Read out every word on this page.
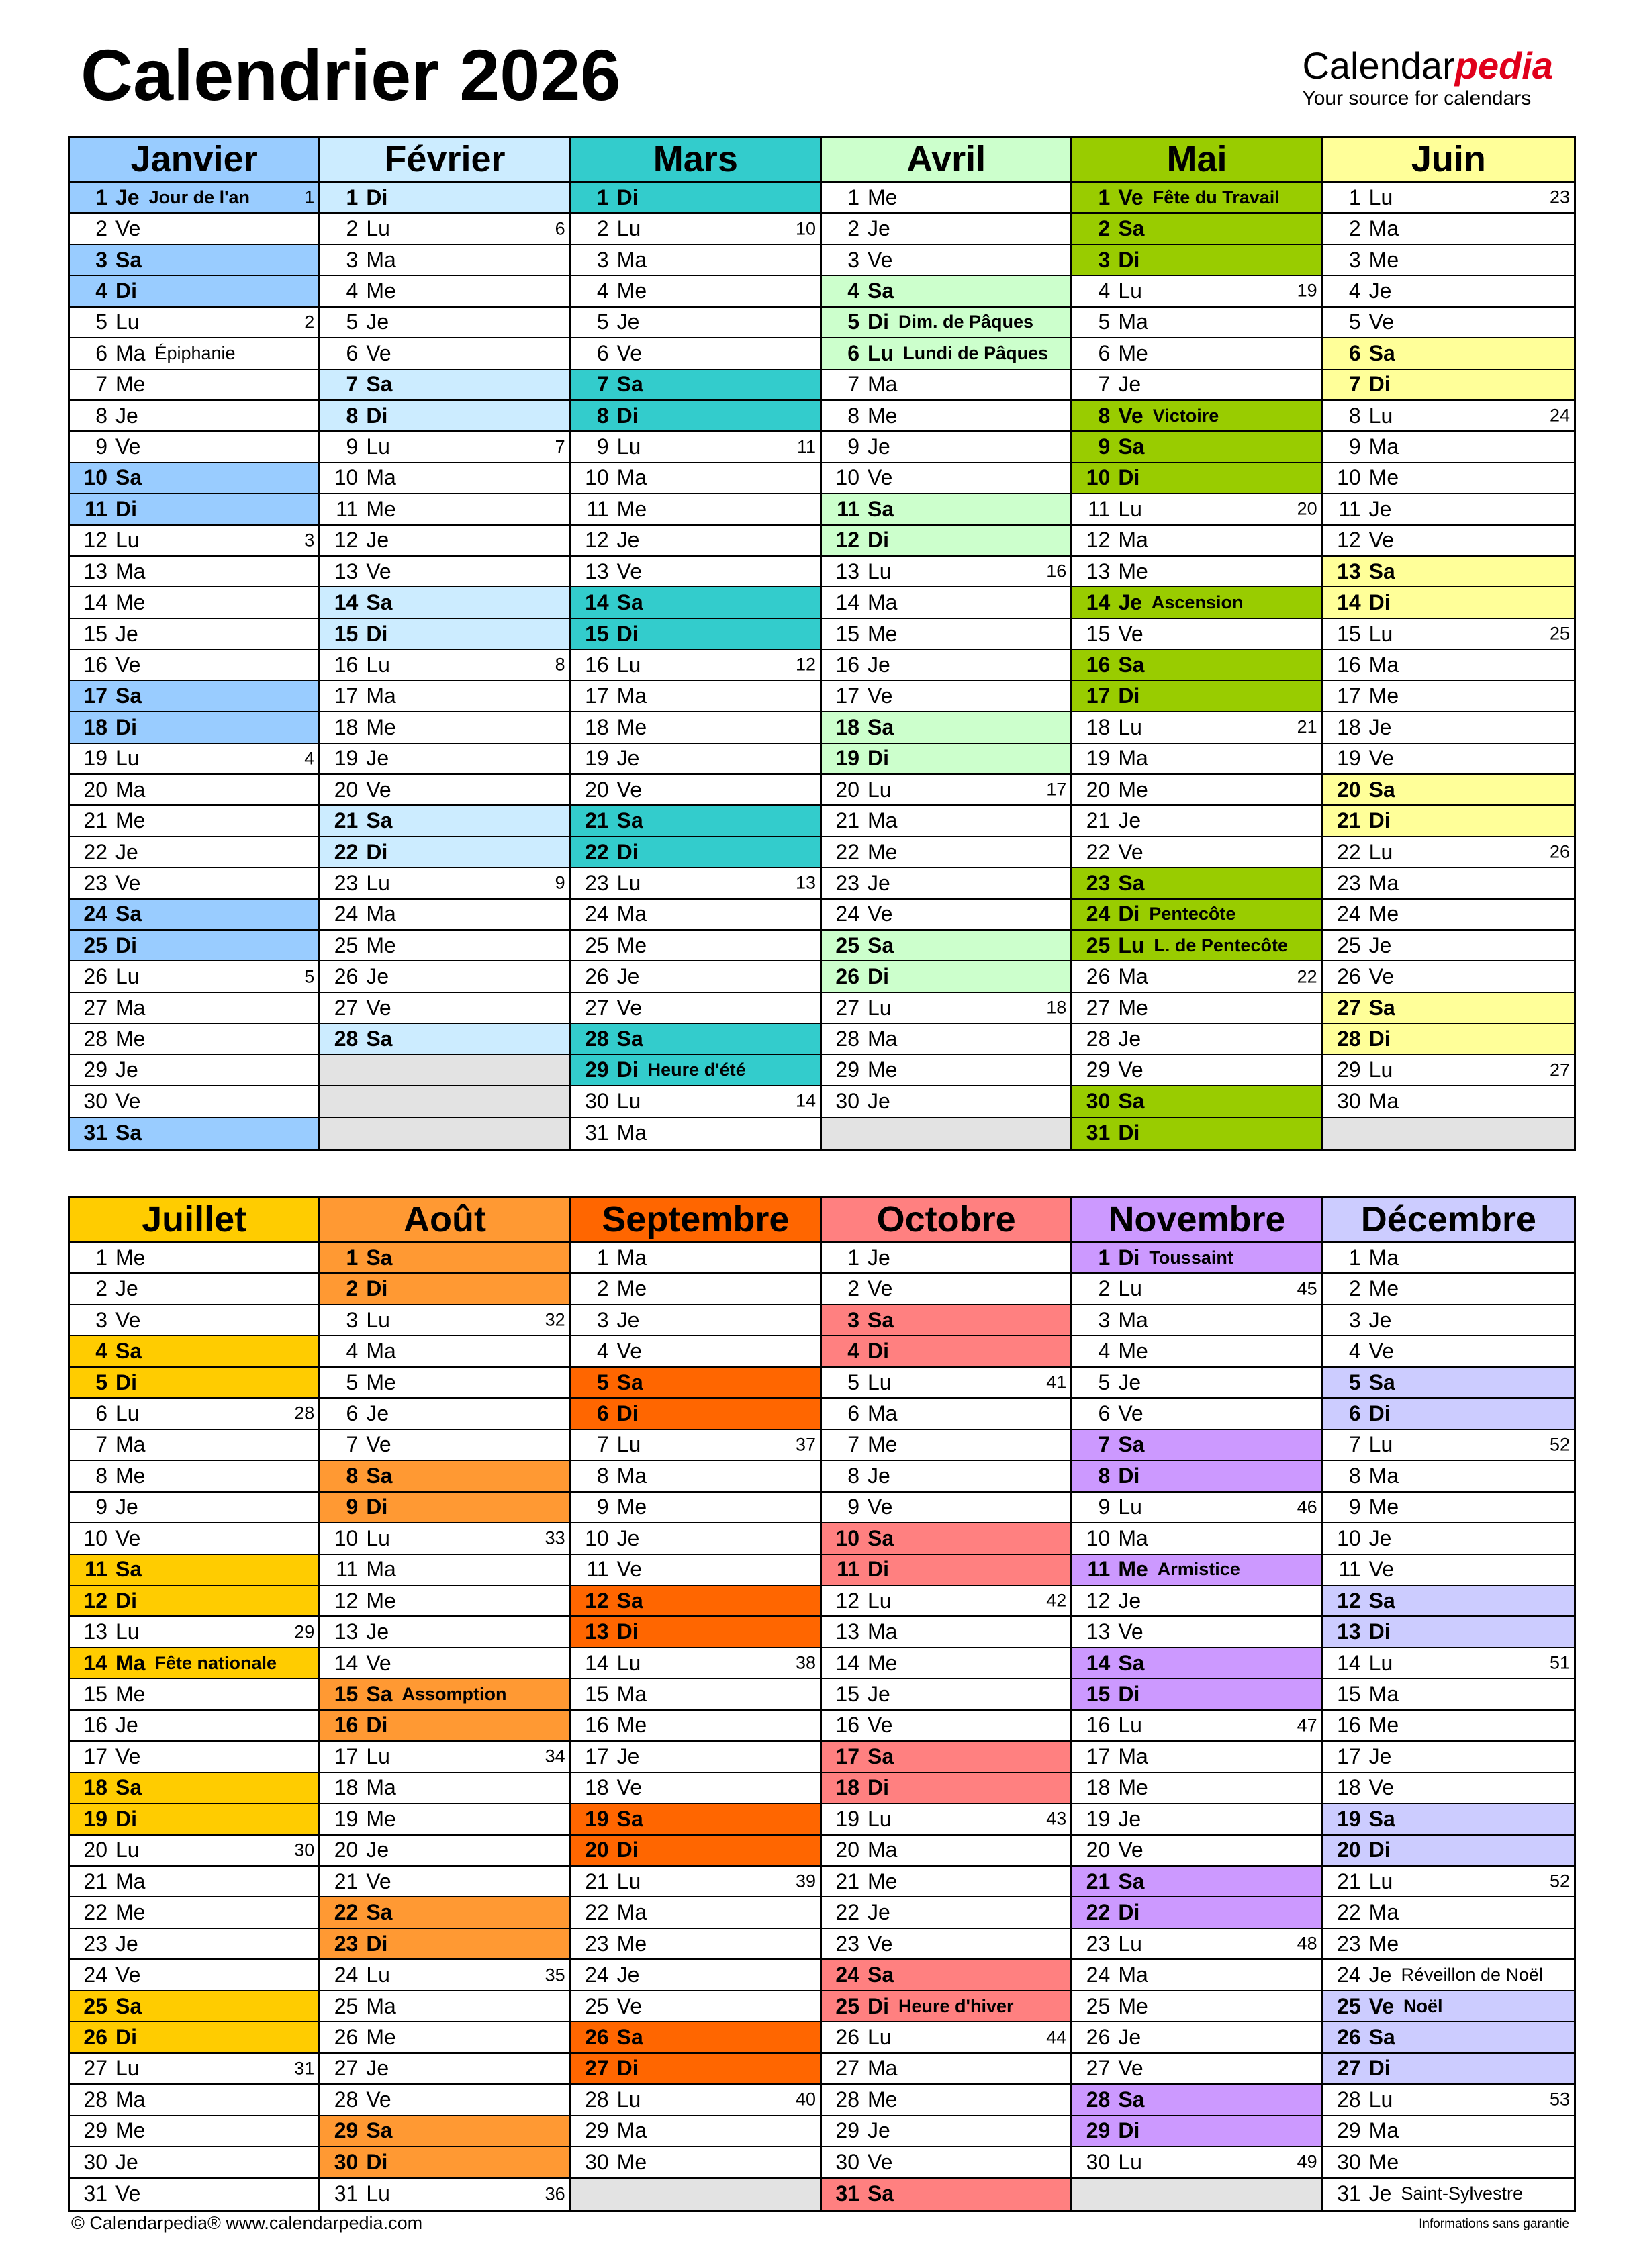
Calendrier 2026	Calendarpedia
Your source for calendars
Janvier
1 Je Jour de l'an	1
2 Ve
3 Sa
4 Di
5 Lu	2
6 Ma Épiphanie
7 Me
8 Je
9 Ve
10 Sa
11 Di
12 Lu	3
13 Ma
14 Me
15 Je
16 Ve
17 Sa
18 Di
19 Lu	4
20 Ma
21 Me
22 Je
23 Ve
24 Sa
25 Di
26 Lu	5
27 Ma
28 Me
29 Je
30 Ve
31 Sa
Février
1 Di
2 Lu	6
3 Ma
4 Me
5 Je
6 Ve
7 Sa
8 Di
9 Lu	7
10 Ma
11 Me
12 Je
13 Ve
14 Sa
15 Di
16 Lu	8
17 Ma
18 Me
19 Je
20 Ve
21 Sa
22 Di
23 Lu	9
24 Ma
25 Me
26 Je
27 Ve
28 Sa
Mars
1 Di
2 Lu	10
3 Ma
4 Me
5 Je
6 Ve
7 Sa
8 Di
9 Lu	11
10 Ma
11 Me
12 Je
13 Ve
14 Sa
15 Di
16 Lu	12
17 Ma
18 Me
19 Je
20 Ve
21 Sa
22 Di
23 Lu	13
24 Ma
25 Me
26 Je
27 Ve
28 Sa
29 Di Heure d'été
30 Lu	14
31 Ma
Avril
1 Me
2 Je
3 Ve
4 Sa
5 Di Dim. de Pâques
6 Lu Lundi de Pâques
7 Ma
8 Me
9 Je
10 Ve
11 Sa
12 Di
13 Lu	16
14 Ma
15 Me
16 Je
17 Ve
18 Sa
19 Di
20 Lu	17
21 Ma
22 Me
23 Je
24 Ve
25 Sa
26 Di
27 Lu	18
28 Ma
29 Me
30 Je
Mai
1 Ve Fête du Travail
2 Sa
3 Di
4 Lu	19
5 Ma
6 Me
7 Je
8 Ve Victoire
9 Sa
10 Di
11 Lu	20
12 Ma
13 Me
14 Je Ascension
15 Ve
16 Sa
17 Di
18 Lu	21
19 Ma
20 Me
21 Je
22 Ve
23 Sa
24 Di Pentecôte
25 Lu L. de Pentecôte
26 Ma	22
27 Me
28 Je
29 Ve
30 Sa
31 Di
Juin
1 Lu	23
2 Ma
3 Me
4 Je
5 Ve
6 Sa
7 Di
8 Lu	24
9 Ma
10 Me
11 Je
12 Ve
13 Sa
14 Di
15 Lu	25
16 Ma
17 Me
18 Je
19 Ve
20 Sa
21 Di
22 Lu	26
23 Ma
24 Me
25 Je
26 Ve
27 Sa
28 Di
29 Lu	27
30 Ma
Juillet
1 Me
2 Je
3 Ve
4 Sa
5 Di
6 Lu	28
7 Ma
8 Me
9 Je
10 Ve
11 Sa
12 Di
13 Lu	29
14 Ma Fête nationale
15 Me
16 Je
17 Ve
18 Sa
19 Di
20 Lu	30
21 Ma
22 Me
23 Je
24 Ve
25 Sa
26 Di
27 Lu	31
28 Ma
29 Me
30 Je
31 Ve
Août
1 Sa
2 Di
3 Lu	32
4 Ma
5 Me
6 Je
7 Ve
8 Sa
9 Di
10 Lu	33
11 Ma
12 Me
13 Je
14 Ve
15 Sa Assomption
16 Di
17 Lu	34
18 Ma
19 Me
20 Je
21 Ve
22 Sa
23 Di
24 Lu	35
25 Ma
26 Me
27 Je
28 Ve
29 Sa
30 Di
31 Lu	36
Septembre
1 Ma
2 Me
3 Je
4 Ve
5 Sa
6 Di
7 Lu	37
8 Ma
9 Me
10 Je
11 Ve
12 Sa
13 Di
14 Lu	38
15 Ma
16 Me
17 Je
18 Ve
19 Sa
20 Di
21 Lu	39
22 Ma
23 Me
24 Je
25 Ve
26 Sa
27 Di
28 Lu	40
29 Ma
30 Me
Octobre
1 Je
2 Ve
3 Sa
4 Di
5 Lu	41
6 Ma
7 Me
8 Je
9 Ve
10 Sa
11 Di
12 Lu	42
13 Ma
14 Me
15 Je
16 Ve
17 Sa
18 Di
19 Lu	43
20 Ma
21 Me
22 Je
23 Ve
24 Sa
25 Di Heure d'hiver
26 Lu	44
27 Ma
28 Me
29 Je
30 Ve
31 Sa
Novembre
1 Di Toussaint
2 Lu	45
3 Ma
4 Me
5 Je
6 Ve
7 Sa
8 Di
9 Lu	46
10 Ma
11 Me Armistice
12 Je
13 Ve
14 Sa
15 Di
16 Lu	47
17 Ma
18 Me
19 Je
20 Ve
21 Sa
22 Di
23 Lu	48
24 Ma
25 Me
26 Je
27 Ve
28 Sa
29 Di
30 Lu	49
Décembre
1 Ma
2 Me
3 Je
4 Ve
5 Sa
6 Di
7 Lu	52
8 Ma
9 Me
10 Je
11 Ve
12 Sa
13 Di
14 Lu	51
15 Ma
16 Me
17 Je
18 Ve
19 Sa
20 Di
21 Lu	52
22 Ma
23 Me
24 Je Réveillon de Noël
25 Ve Noël
26 Sa
27 Di
28 Lu	53
29 Ma
30 Me
31 Je Saint-Sylvestre
© Calendarpedia® www.calendarpedia.com	Informations sans garantie
